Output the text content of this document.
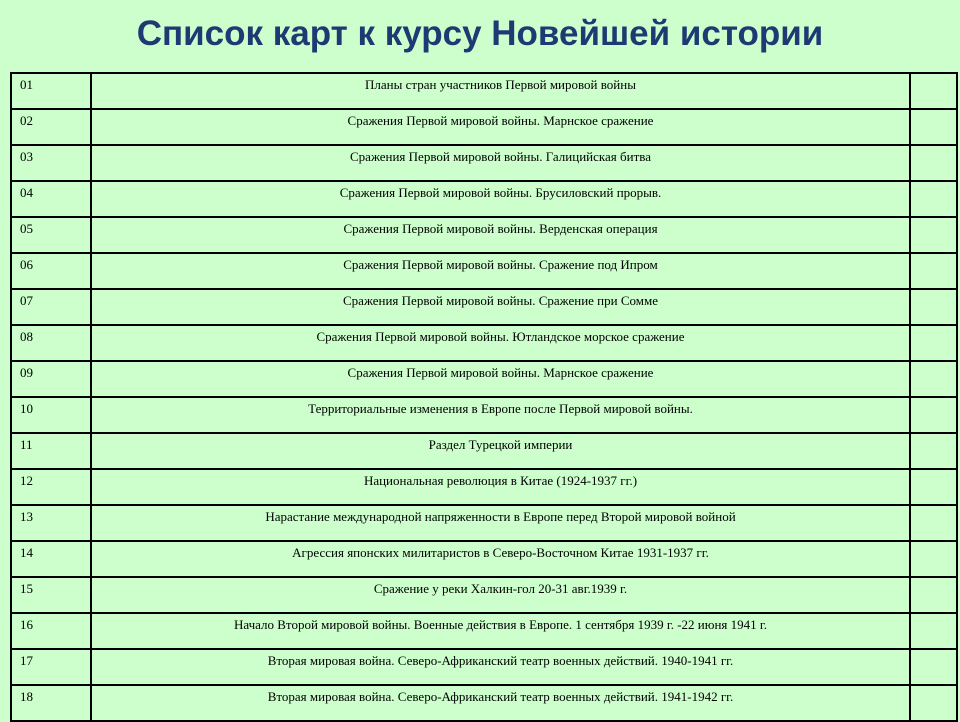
Список карт к курсу Новейшей истории
01	Планы стран участников Первой мировой войны	
02	Сражения Первой мировой войны. Марнское сражение	
03	Сражения Первой мировой войны. Галицийская битва	
04	Сражения Первой мировой войны. Брусиловский прорыв.	
05	Сражения Первой мировой войны. Верденская операция	
06	Сражения Первой мировой войны. Сражение под Ипром	
07	Сражения Первой мировой войны. Сражение при Сомме	
08	Сражения Первой мировой войны. Ютландское морское сражение	
09	Сражения Первой мировой войны. Марнское сражение	
10	Территориальные изменения в Европе после Первой мировой войны.	
11	Раздел Турецкой империи	
12	Национальная революция в Китае (1924-1937 гг.)	
13	Нарастание международной напряженности в Европе перед Второй мировой войной	
14	Агрессия японских милитаристов в Северо-Восточном Китае 1931-1937 гг.	
15	Сражение у реки Халкин-гол 20-31 авг.1939 г.	
16	Начало Второй мировой войны. Военные действия в Европе. 1 сентября 1939 г. -22 июня 1941 г.	
17	Вторая мировая война. Северо-Африканский театр военных действий. 1940-1941 гг.	
18	Вторая мировая война. Северо-Африканский театр военных действий. 1941-1942 гг.	
